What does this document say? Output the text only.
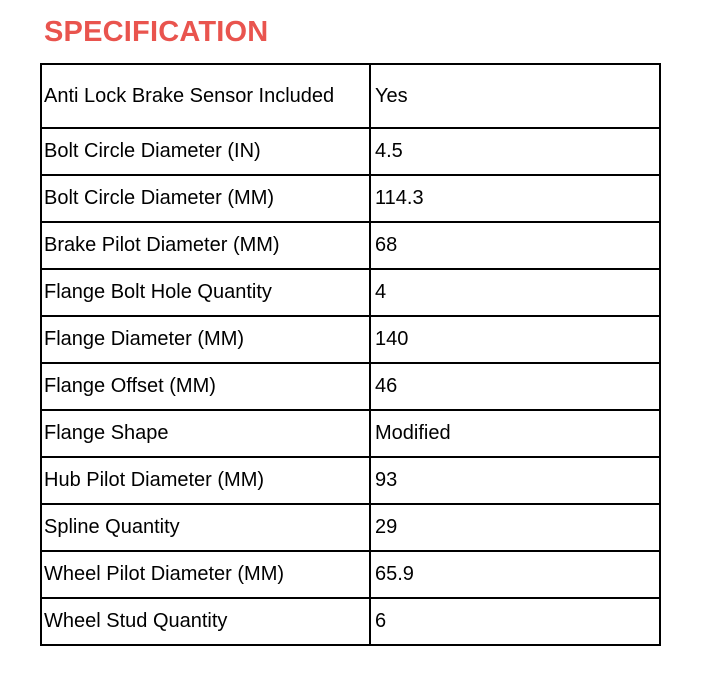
SPECIFICATION
Anti Lock Brake Sensor Included	Yes
Bolt Circle Diameter (IN)	4.5
Bolt Circle Diameter (MM)	114.3
Brake Pilot Diameter (MM)	68
Flange Bolt Hole Quantity	4
Flange Diameter (MM)	140
Flange Offset (MM)	46
Flange Shape	Modified
Hub Pilot Diameter (MM)	93
Spline Quantity	29
Wheel Pilot Diameter (MM)	65.9
Wheel Stud Quantity	6
